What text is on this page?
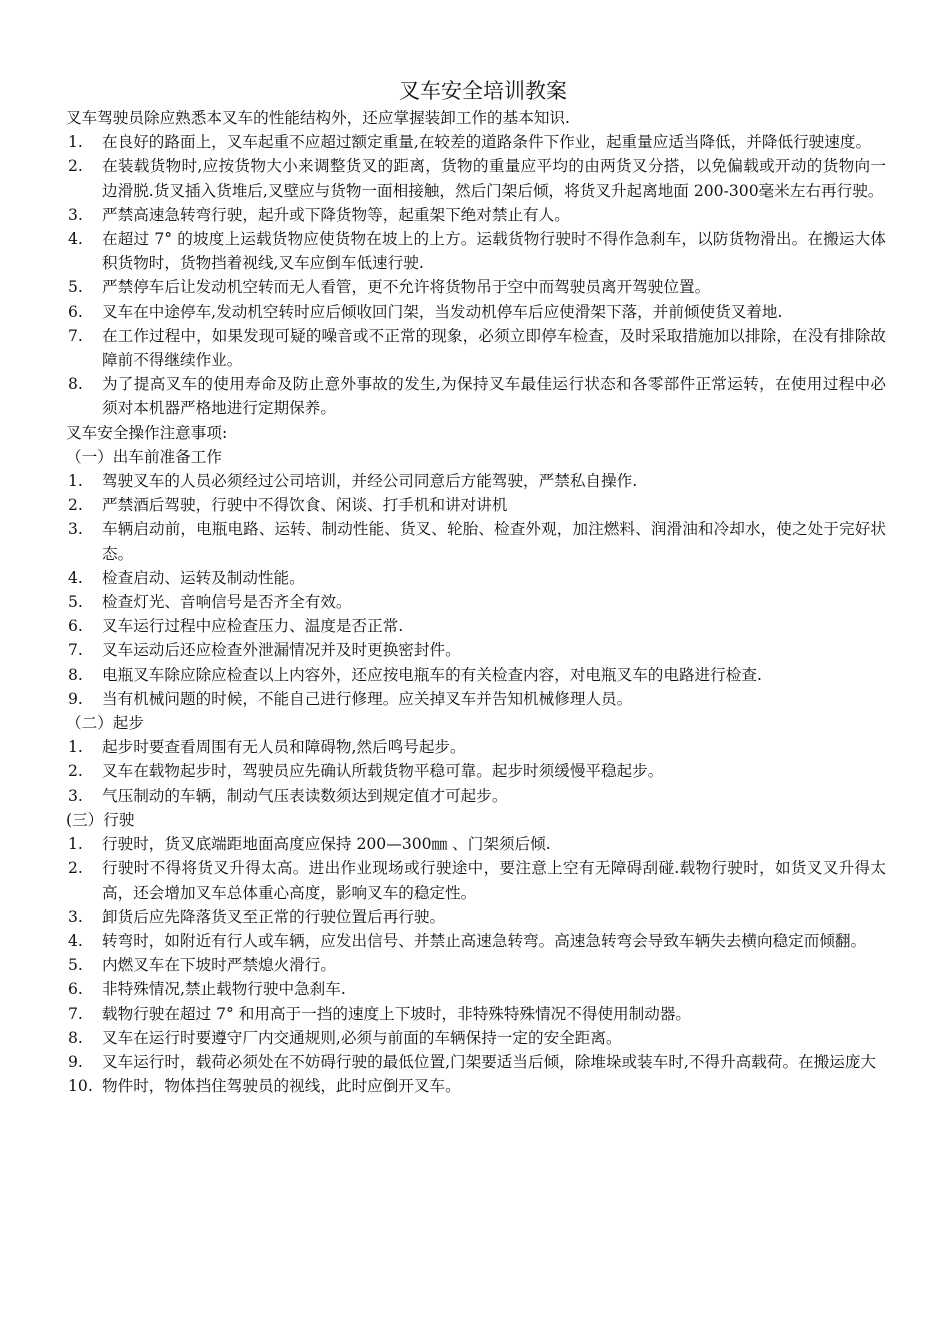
叉车安全培训教案

叉车驾驶员除应熟悉本叉车的性能结构外，还应掌握装卸工作的基本知识.

1. 在良好的路面上，叉车起重不应超过额定重量,在较差的道路条件下作业，起重量应适当降低，并降低行驶速度。
2. 在装载货物时,应按货物大小来调整货叉的距离，货物的重量应平均的由两货叉分搭，以免偏载或开动的货物向一边滑脱.货叉插入货堆后,叉壁应与货物一面相接触，然后门架后倾，将货叉升起离地面 200-300毫米左右再行驶。
3. 严禁高速急转弯行驶，起升或下降货物等，起重架下绝对禁止有人。
4. 在超过 7° 的坡度上运载货物应使货物在坡上的上方。运载货物行驶时不得作急刹车，以防货物滑出。在搬运大体积货物时，货物挡着视线,叉车应倒车低速行驶.
5. 严禁停车后让发动机空转而无人看管，更不允许将货物吊于空中而驾驶员离开驾驶位置。
6. 叉车在中途停车,发动机空转时应后倾收回门架，当发动机停车后应使滑架下落，并前倾使货叉着地.
7. 在工作过程中，如果发现可疑的噪音或不正常的现象，必须立即停车检查，及时采取措施加以排除，在没有排除故障前不得继续作业。
8. 为了提高叉车的使用寿命及防止意外事故的发生,为保持叉车最佳运行状态和各零部件正常运转，在使用过程中必须对本机器严格地进行定期保养。

叉车安全操作注意事项:

（一）出车前准备工作

1. 驾驶叉车的人员必须经过公司培训，并经公司同意后方能驾驶，严禁私自操作.
2. 严禁酒后驾驶，行驶中不得饮食、闲谈、打手机和讲对讲机
3. 车辆启动前，电瓶电路、运转、制动性能、货叉、轮胎、检查外观，加注燃料、润滑油和冷却水，使之处于完好状态。
4. 检查启动、运转及制动性能。
5. 检查灯光、音响信号是否齐全有效。
6. 叉车运行过程中应检查压力、温度是否正常.
7. 叉车运动后还应检查外泄漏情况并及时更换密封件。
8. 电瓶叉车除应除应检查以上内容外，还应按电瓶车的有关检查内容，对电瓶叉车的电路进行检查.
9. 当有机械问题的时候，不能自己进行修理。应关掉叉车并告知机械修理人员。

（二）起步

1. 起步时要查看周围有无人员和障碍物,然后鸣号起步。
2. 叉车在载物起步时，驾驶员应先确认所载货物平稳可靠。起步时须缓慢平稳起步。
3. 气压制动的车辆，制动气压表读数须达到规定值才可起步。

(三）行驶

1. 行驶时，货叉底端距地面高度应保持 200—300㎜ 、门架须后倾.
2. 行驶时不得将货叉升得太高。进出作业现场或行驶途中，要注意上空有无障碍刮碰.载物行驶时，如货叉叉升得太高，还会增加叉车总体重心高度，影响叉车的稳定性。
3. 卸货后应先降落货叉至正常的行驶位置后再行驶。
4. 转弯时，如附近有行人或车辆，应发出信号、并禁止高速急转弯。高速急转弯会导致车辆失去横向稳定而倾翻。
5. 内燃叉车在下坡时严禁熄火滑行。
6. 非特殊情况,禁止载物行驶中急刹车.
7. 载物行驶在超过 7° 和用高于一挡的速度上下坡时，非特殊特殊情况不得使用制动器。
8. 叉车在运行时要遵守厂内交通规则,必须与前面的车辆保持一定的安全距离。
9. 叉车运行时，载荷必须处在不妨碍行驶的最低位置,门架要适当后倾，除堆垛或装车时,不得升高载荷。在搬运庞大
10. 物件时，物体挡住驾驶员的视线，此时应倒开叉车。
